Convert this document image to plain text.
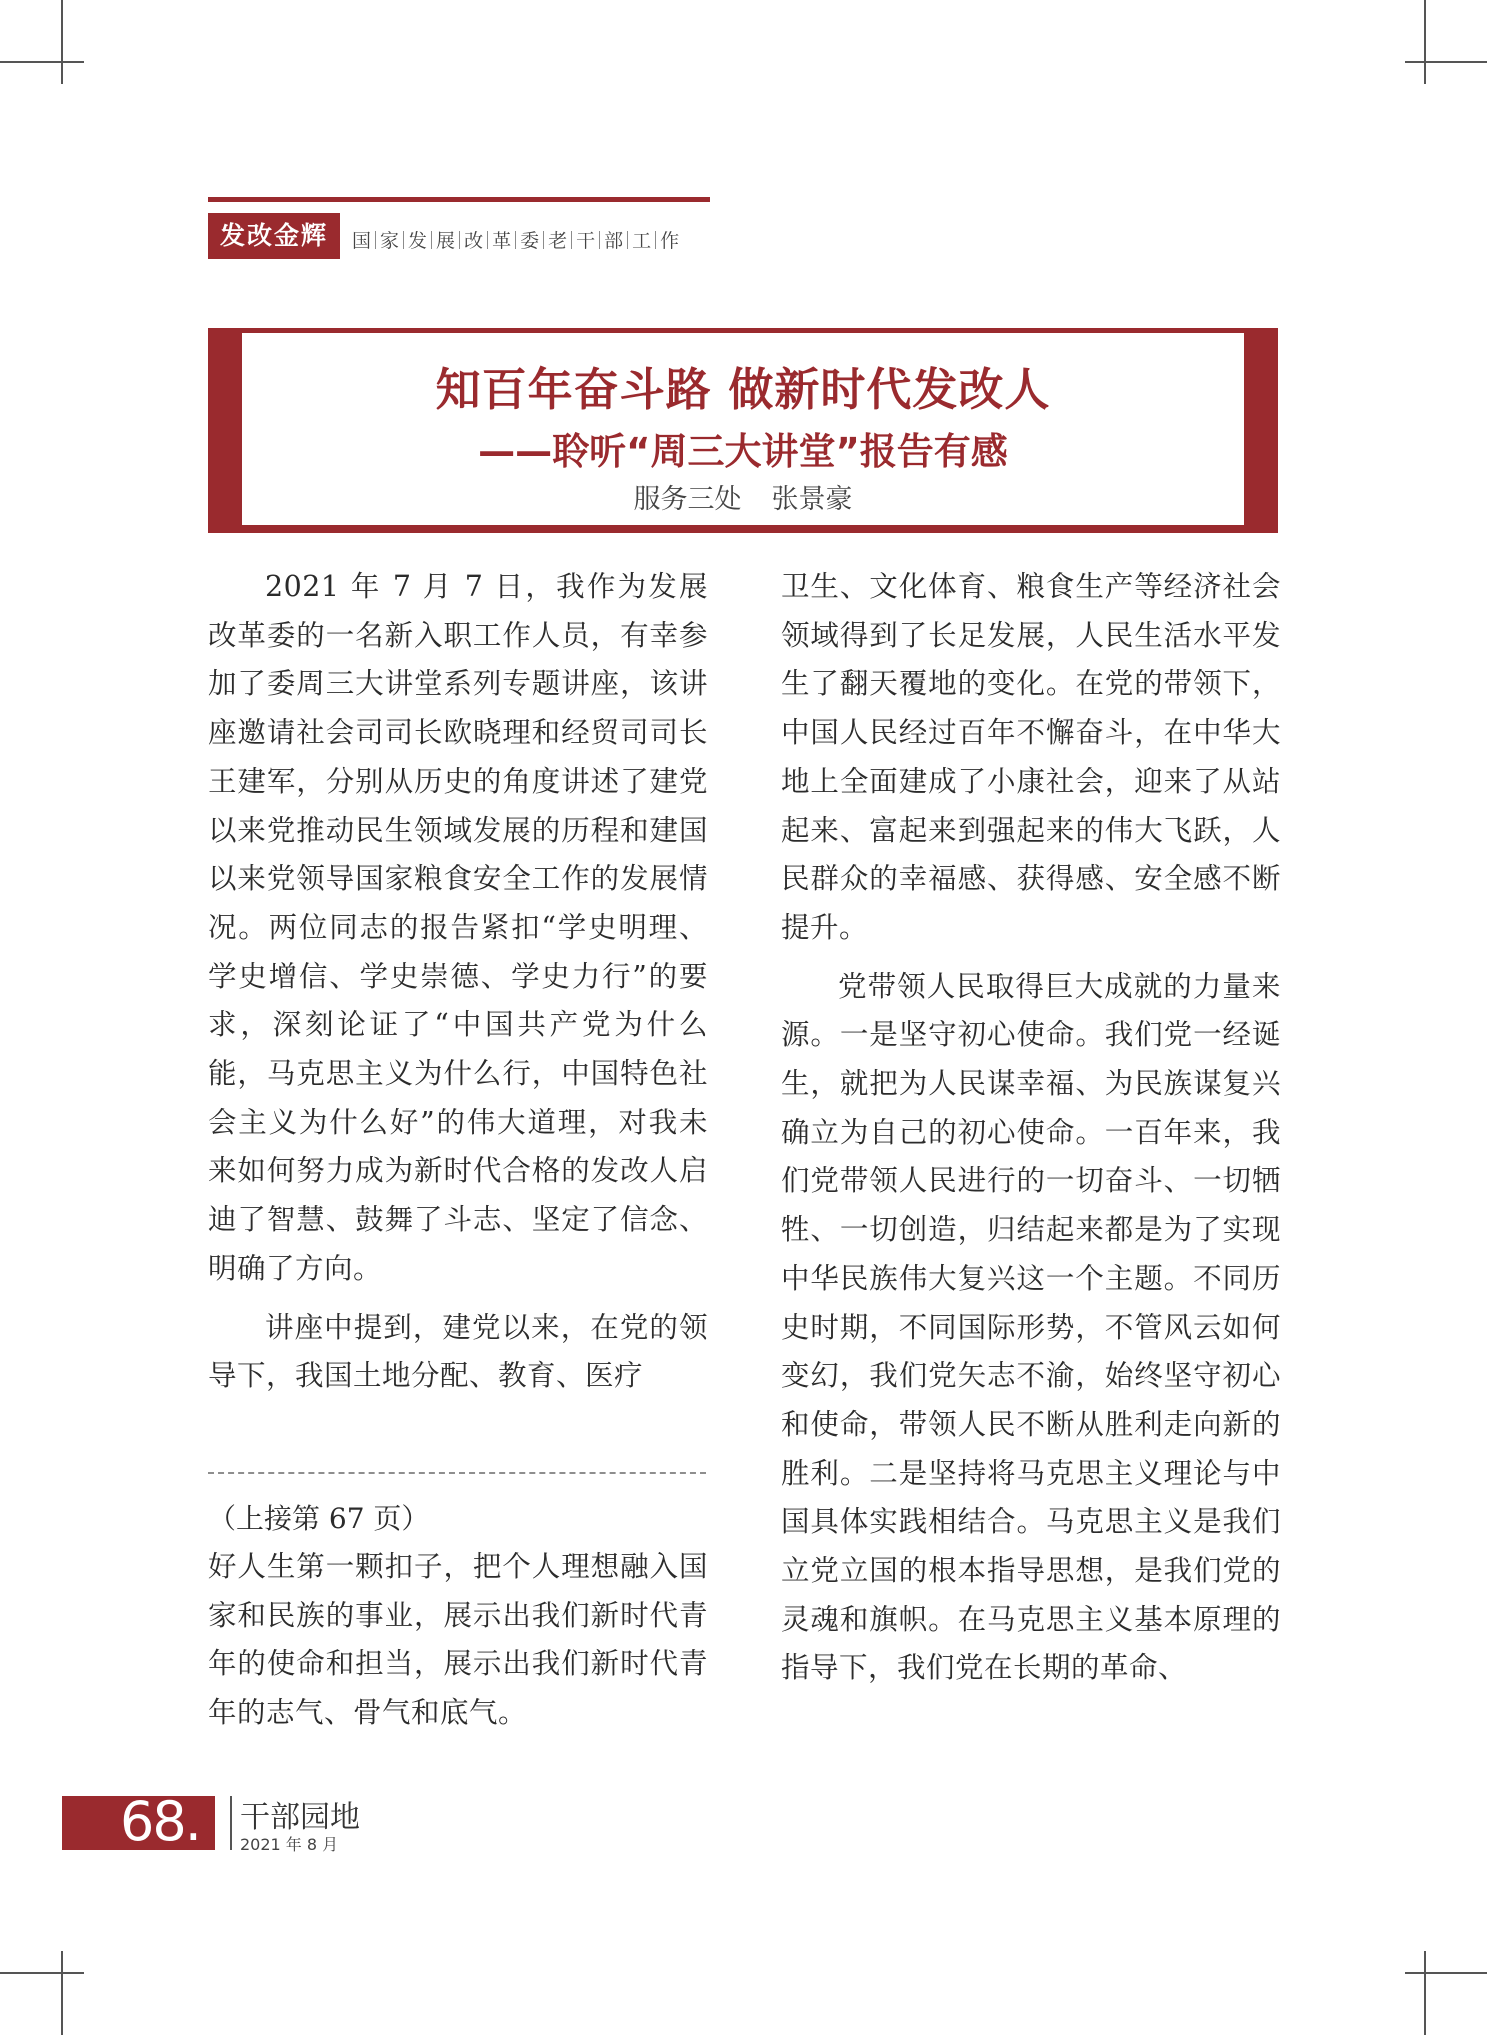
发改金辉	国 家 发 展 改 革 委 老 干 部 工 作
知百年奋斗路 做新时代发改人
——聆听“周三大讲堂”报告有感
服务三处 张景豪

2021 年 7 月 7 日，我作为发展改革委的一名新入职工作人员，有幸参加了委周三大讲堂系列专题讲座，该讲座邀请社会司司长欧晓理和经贸司司长王建军，分别从历史的角度讲述了建党以来党推动民生领域发展的历程和建国以来党领导国家粮食安全工作的发展情况。两位同志的报告紧扣“学史明理、学史增信、学史崇德、学史力行”的要求，深刻论证了“中国共产党为什么能，马克思主义为什么行，中国特色社会主义为什么好”的伟大道理，对我未来如何努力成为新时代合格的发改人启迪了智慧、鼓舞了斗志、坚定了信念、明确了方向。

讲座中提到，建党以来，在党的领导下，我国土地分配、教育、医疗

（上接第 67 页）

好人生第一颗扣子，把个人理想融入国家和民族的事业，展示出我们新时代青年的使命和担当，展示出我们新时代青年的志气、骨气和底气。

卫生、文化体育、粮食生产等经济社会领域得到了长足发展，人民生活水平发生了翻天覆地的变化。在党的带领下，中国人民经过百年不懈奋斗，在中华大地上全面建成了小康社会，迎来了从站起来、富起来到强起来的伟大飞跃，人民群众的幸福感、获得感、安全感不断提升。

党带领人民取得巨大成就的力量来源。一是坚守初心使命。我们党一经诞生，就把为人民谋幸福、为民族谋复兴确立为自己的初心使命。一百年来，我们党带领人民进行的一切奋斗、一切牺牲、一切创造，归结起来都是为了实现中华民族伟大复兴这一个主题。不同历史时期，不同国际形势，不管风云如何变幻，我们党矢志不渝，始终坚守初心和使命，带领人民不断从胜利走向新的胜利。二是坚持将马克思主义理论与中国具体实践相结合。马克思主义是我们立党立国的根本指导思想，是我们党的灵魂和旗帜。在马克思主义基本原理的指导下，我们党在长期的革命、

68. 干部园地
2021 年 8 月
